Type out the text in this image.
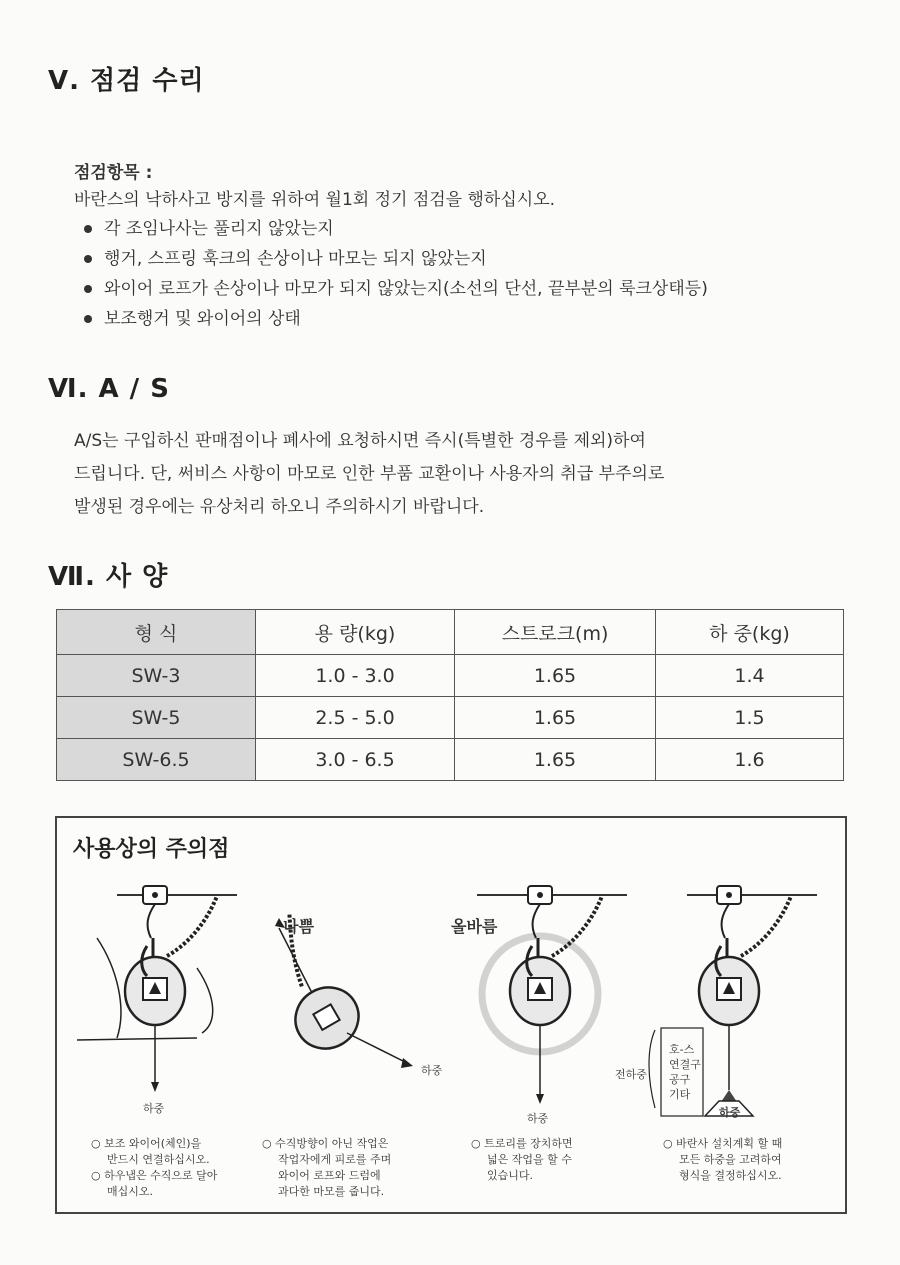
Ⅴ. 점검 수리
점검항목 :
바란스의 낙하사고 방지를 위하여 월1회 정기 점검을 행하십시오.
각 조임나사는 풀리지 않았는지
행거, 스프링 훅크의 손상이나 마모는 되지 않았는지
와이어 로프가 손상이나 마모가 되지 않았는지(소선의 단선, 끝부분의 룩크상태등)
보조행거 및 와이어의 상태
Ⅵ. A / S
A/S는 구입하신 판매점이나 폐사에 요청하시면 즉시(특별한 경우를 제외)하여
드립니다. 단, 써비스 사항이 마모로 인한 부품 교환이나 사용자의 취급 부주의로
발생된 경우에는 유상처리 하오니 주의하시기 바랍니다.
Ⅶ. 사 양
형 식	용 량(kg)	스트로크(m)	하 중(kg)
SW-3	1.0 - 3.0	1.65	1.4
SW-5	2.5 - 5.0	1.65	1.5
SW-6.5	3.0 - 6.5	1.65	1.6
사용상의 주의점
나쁨	올바름
하중
하중
하중	하중
전하중
호-스
연결구
공구
기타

○ 보조 와이어(체인)을

반드시 연결하십시오.

○ 하우냅은 수직으로 달아

매십시오.

○ 수직방향이 아닌 작업은

작업자에게 피로를 주며

와이어 로프와 드럼에

과다한 마모를 줍니다.

○ 트로리를 장치하면

넓은 작업을 할 수

있습니다.

○ 바란사 설치계획 할 때

모든 하중을 고려하여

형식을 결정하십시오.
